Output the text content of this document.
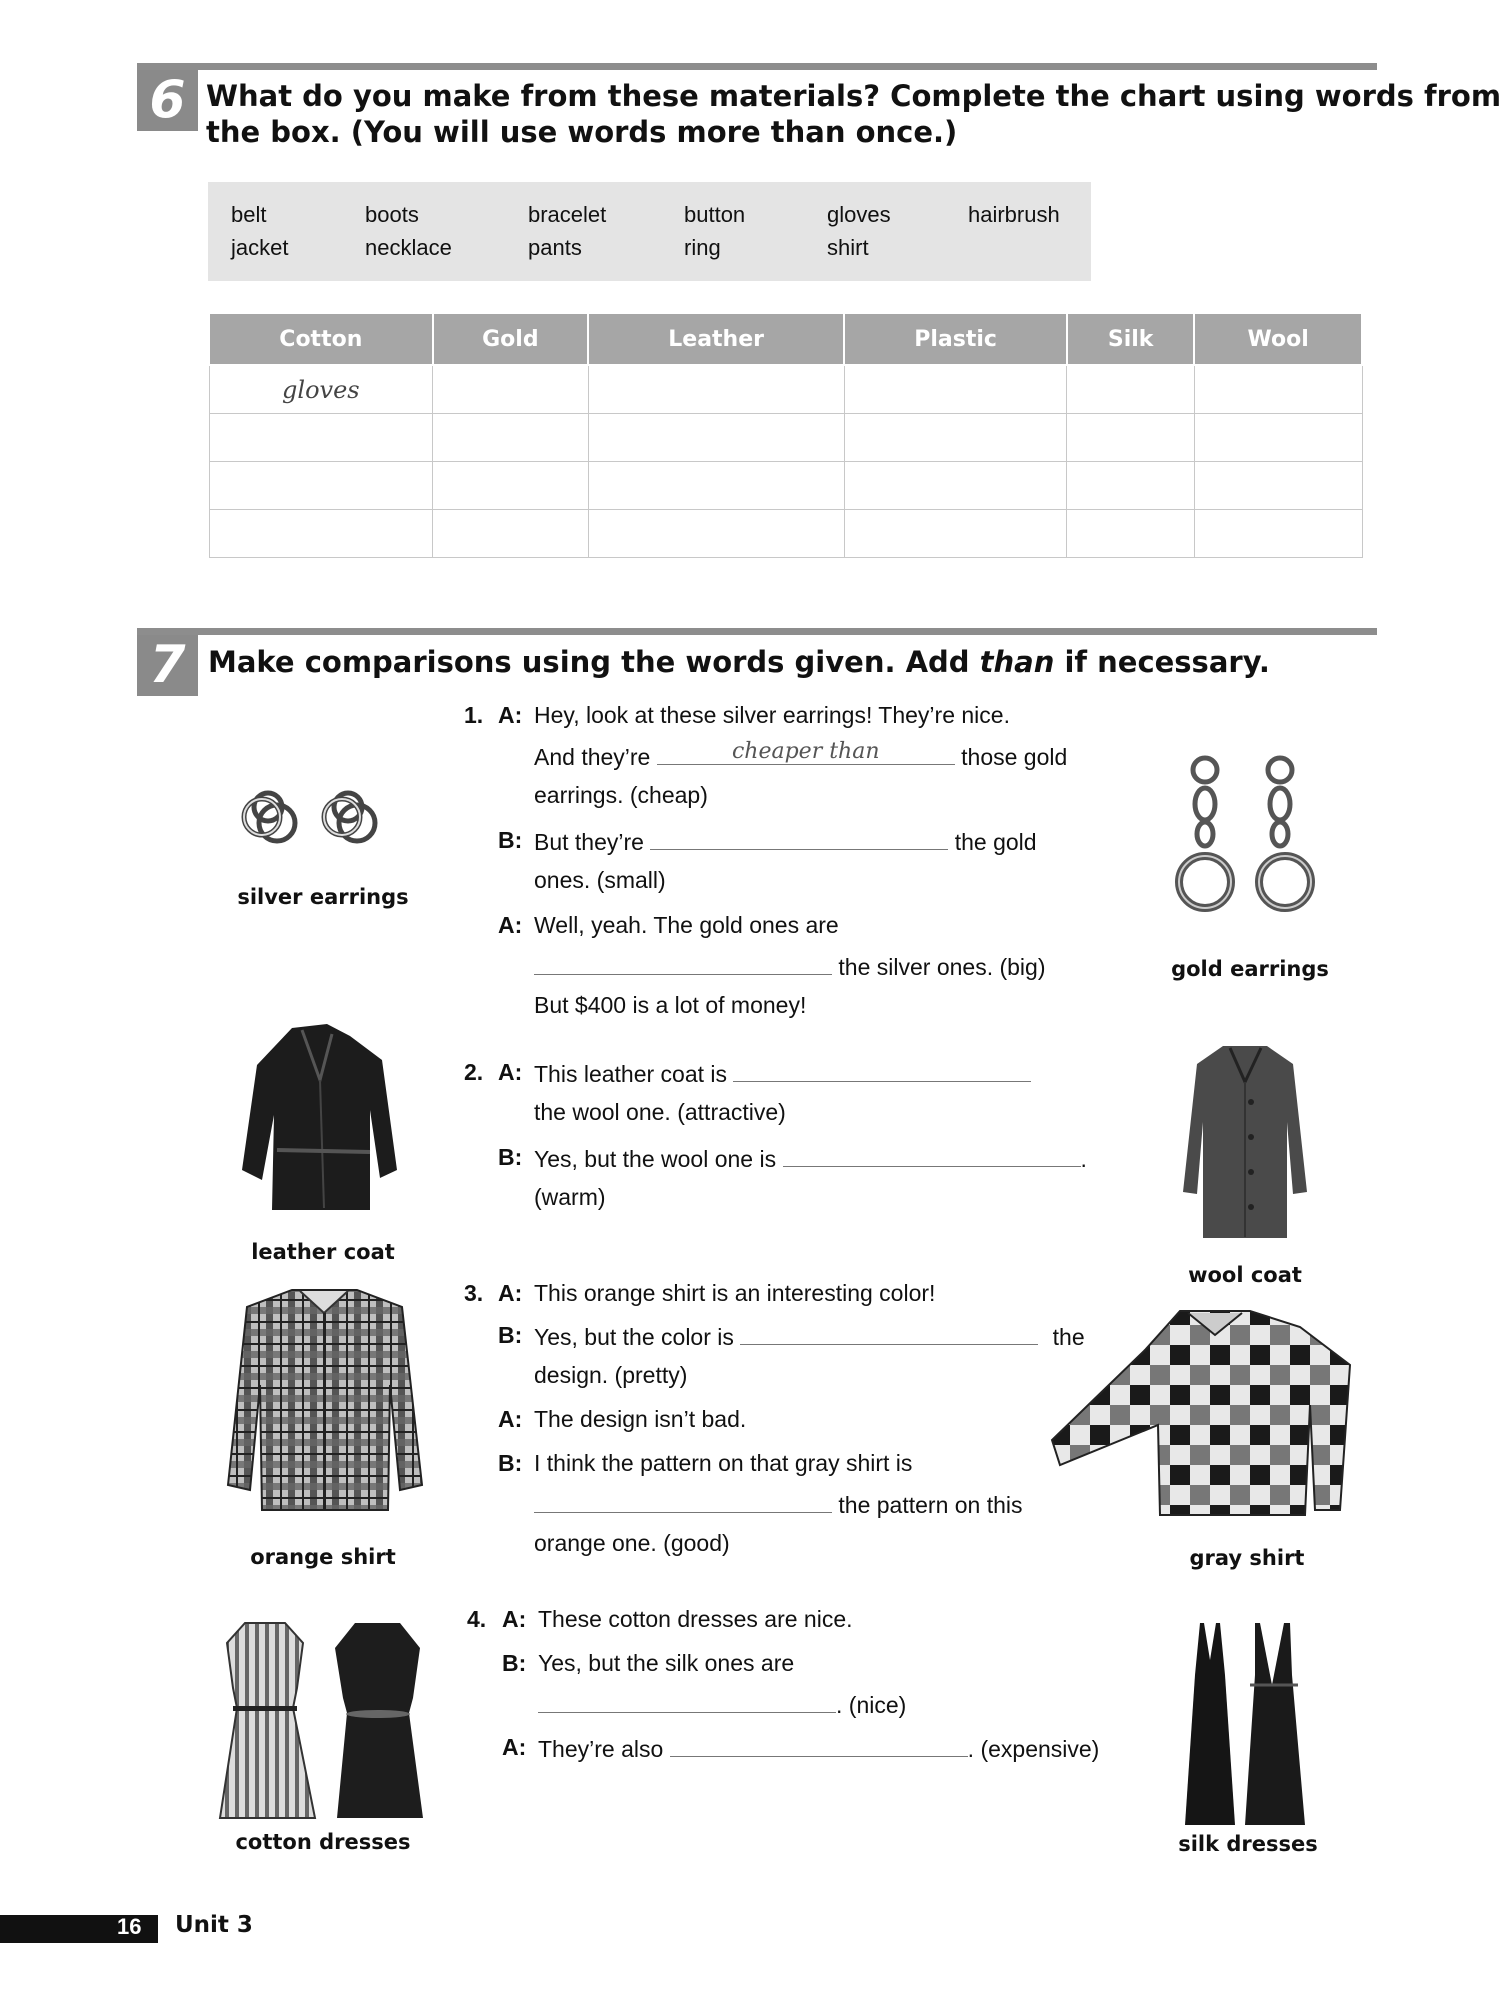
6 What do you make from these materials? Complete the chart using words from
the box. (You will use words more than once.)
belt	boots	bracelet	button	gloves	hairbrush
jacket	necklace	pants	ring	shirt
Cotton	Gold	Leather	Plastic	Silk	Wool
gloves					

7 Make comparisons using the words given. Add than if necessary.
1. A: Hey, look at these silver earrings! They’re nice.
And they’re	cheaper than	those gold
earrings. (cheap)
B: But they’re	the gold
ones. (small)
A: Well, yeah. The gold ones are
the silver ones. (big)
But $400 is a lot of money!
2. A: This leather coat is
the wool one. (attractive)
B: Yes, but the wool one is	.
(warm)
3. A: This orange shirt is an interesting color!
B: Yes, but the color is	the
design. (pretty)
A: The design isn’t bad.
B: I think the pattern on that gray shirt is
the pattern on this
orange one. (good)
4. A: These cotton dresses are nice.
B: Yes, but the silk ones are
. (nice)
A: They’re also	. (expensive)
silver earrings
gold earrings
leather coat
wool coat
orange shirt	gray shirt
cotton dresses	silk dresses
16 Unit 3
